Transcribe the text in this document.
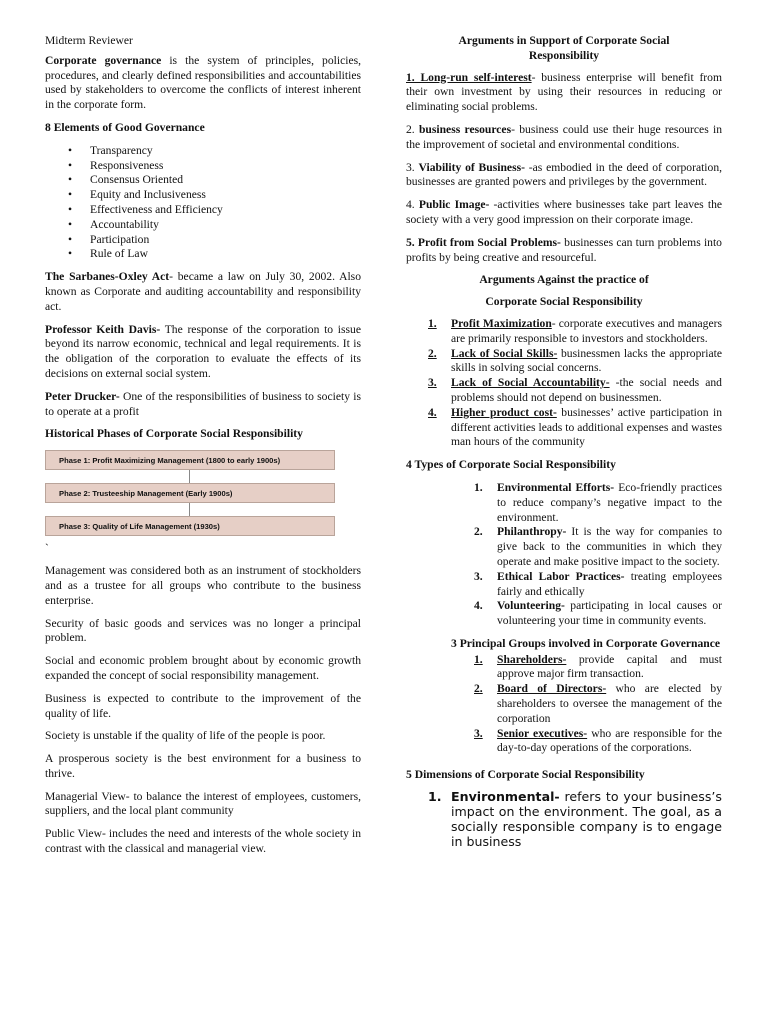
Midterm Reviewer

Corporate governance is the system of principles, policies, procedures, and clearly defined responsibilities and accountabilities used by stakeholders to overcome the conflicts of interest inherent in the corporate form.

8 Elements of Good Governance
• Transparency
• Responsiveness
• Consensus Oriented
• Equity and Inclusiveness
• Effectiveness and Efficiency
• Accountability
• Participation
• Rule of Law

The Sarbanes-Oxley Act- became a law on July 30, 2002. Also known as Corporate and auditing accountability and responsibility act.

Professor Keith Davis- The response of the corporation to issue beyond its narrow economic, technical and legal requirements. It is the obligation of the corporation to evaluate the effects of its decisions on external social system.

Peter Drucker- One of the responsibilities of business to society is to operate at a profit

Historical Phases of Corporate Social Responsibility
Phase 1: Profit Maximizing Management (1800 to early 1900s)
Phase 2: Trusteeship Management (Early 1900s)
Phase 3: Quality of Life Management (1930s)
`

Management was considered both as an instrument of stockholders and as a trustee for all groups who contribute to the business enterprise.

Security of basic goods and services was no longer a principal problem.

Social and economic problem brought about by economic growth expanded the concept of social responsibility management.

Business is expected to contribute to the improvement of the quality of life.

Society is unstable if the quality of life of the people is poor.

A prosperous society is the best environment for a business to thrive.

Managerial View- to balance the interest of employees, customers, suppliers, and the local plant community

Public View- includes the need and interests of the whole society in contrast with the classical and managerial view.

Arguments in Support of Corporate Social Responsibility

1. Long-run self-interest- business enterprise will benefit from their own investment by using their resources in reducing or eliminating social problems.

2. business resources- business could use their huge resources in the improvement of societal and environmental conditions.

3. Viability of Business- -as embodied in the deed of corporation, businesses are granted powers and privileges by the government.

4. Public Image- -activities where businesses take part leaves the society with a very good impression on their corporate image.

5. Profit from Social Problems- businesses can turn problems into profits by being creative and resourceful.

Arguments Against the practice of
Corporate Social Responsibility
1.	Profit Maximization- corporate executives and managers are primarily responsible to investors and stockholders.
2.	Lack of Social Skills- businessmen lacks the appropriate skills in solving social concerns.
3.	Lack of Social Accountability- -the social needs and problems should not depend on businessmen.
4.	Higher product cost- businesses’ active participation in different activities leads to additional expenses and wastes man hours of the community
4 Types of Corporate Social Responsibility
1. Environmental Efforts- Eco-friendly practices to reduce company’s negative impact to the environment.
2. Philanthropy- It is the way for companies to give back to the communities in which they operate and make positive impact to the society.
3. Ethical Labor Practices- treating employees fairly and ethically
4. Volunteering- participating in local causes or volunteering your time in community events.
3 Principal Groups involved in Corporate Governance
1.	Shareholders- provide capital and must approve major firm transaction.
2.	Board of Directors- who are elected by shareholders to oversee the management of the corporation
3.	Senior executives- who are responsible for the day-to-day operations of the corporations.
5 Dimensions of Corporate Social Responsibility
1. Environmental- refers to your business’s impact on the environment. The goal, as a socially responsible company is to engage in business
